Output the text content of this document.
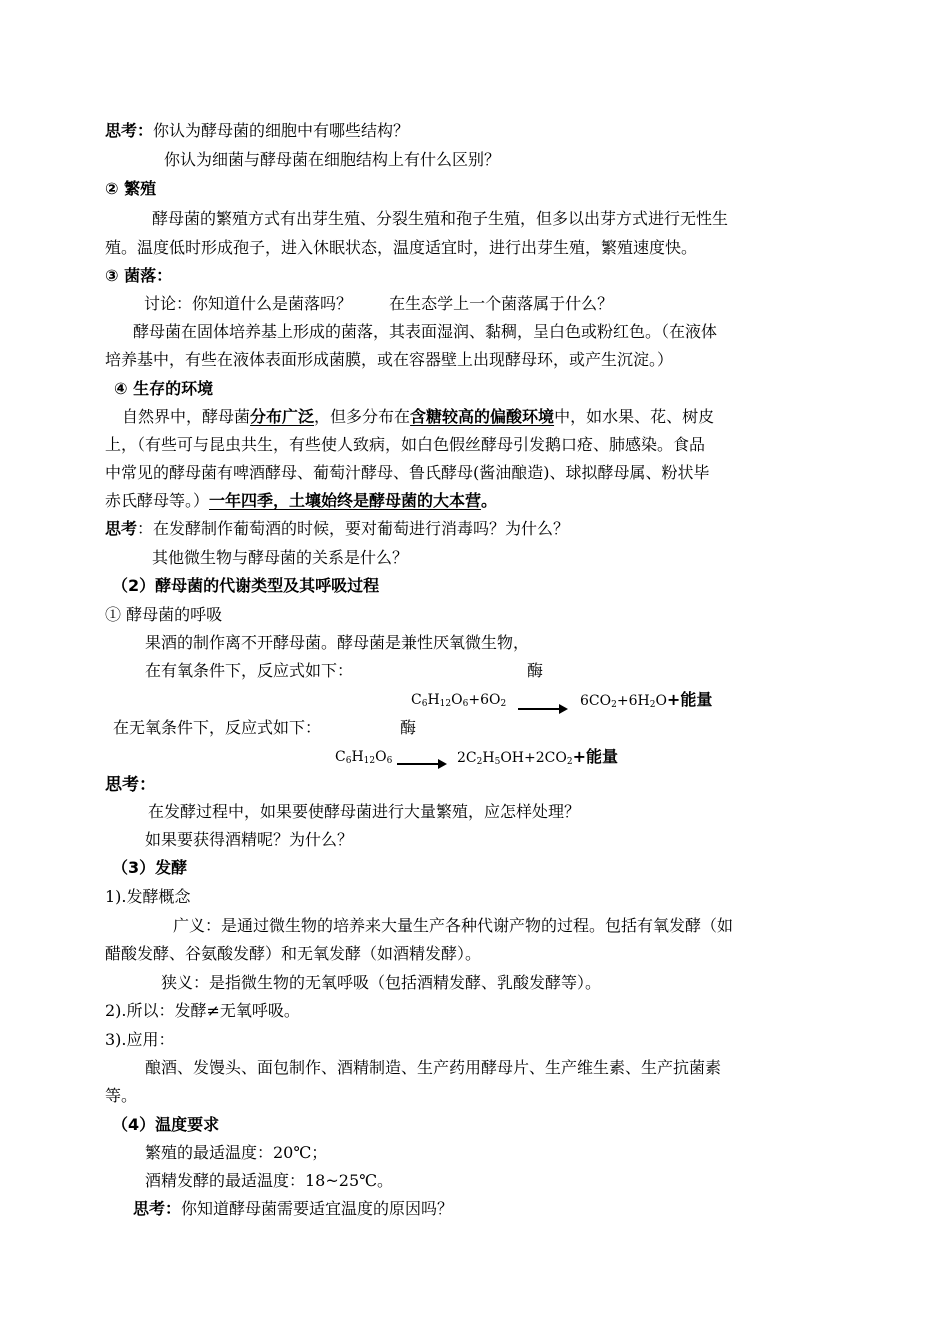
思考：你认为酵母菌的细胞中有哪些结构？
你认为细菌与酵母菌在细胞结构上有什么区别？
② 繁殖
酵母菌的繁殖方式有出芽生殖、分裂生殖和孢子生殖，但多以出芽方式进行无性生
殖。温度低时形成孢子，进入休眠状态，温度适宜时，进行出芽生殖，繁殖速度快。
③ 菌落：
讨论：你知道什么是菌落吗？　　 在生态学上一个菌落属于什么？
酵母菌在固体培养基上形成的菌落，其表面湿润、黏稠，呈白色或粉红色。（在液体
培养基中，有些在液体表面形成菌膜，或在容器壁上出现酵母环，或产生沉淀。）
④ 生存的环境
自然界中，酵母菌分布广泛，但多分布在含糖较高的偏酸环境中，如水果、花、树皮
上，（有些可与昆虫共生，有些使人致病，如白色假丝酵母引发鹅口疮、肺感染。食品
中常见的酵母菌有啤酒酵母、葡萄汁酵母、鲁氏酵母(酱油酿造)、球拟酵母属、粉状毕
赤氏酵母等。）一年四季，土壤始终是酵母菌的大本营。
思考：在发酵制作葡萄酒的时候，要对葡萄进行消毒吗？为什么？
其他微生物与酵母菌的关系是什么？
（2）酵母菌的代谢类型及其呼吸过程
① 酵母菌的呼吸
果酒的制作离不开酵母菌。酵母菌是兼性厌氧微生物，
在有氧条件下，反应式如下：	酶
$C_6H_{12}O_6+6O_2 \to 6CO_2+6H_2O+$能量
在无氧条件下，反应式如下：	酶
$C_6H_{12}O_6 \to 2C_2H_5OH+2CO_2+$能量
思考：
在发酵过程中，如果要使酵母菌进行大量繁殖，应怎样处理？
如果要获得酒精呢？为什么？
（3）发酵
1).发酵概念
广义：是通过微生物的培养来大量生产各种代谢产物的过程。包括有氧发酵（如
醋酸发酵、谷氨酸发酵）和无氧发酵（如酒精发酵）。
狭义：是指微生物的无氧呼吸（包括酒精发酵、乳酸发酵等）。
2).所以：发酵≠无氧呼吸。
3).应用：
酿酒、发馒头、面包制作、酒精制造、生产药用酵母片、生产维生素、生产抗菌素
等。
（4）温度要求
繁殖的最适温度：20℃；
酒精发酵的最适温度：18~25℃。
思考：你知道酵母菌需要适宜温度的原因吗？
